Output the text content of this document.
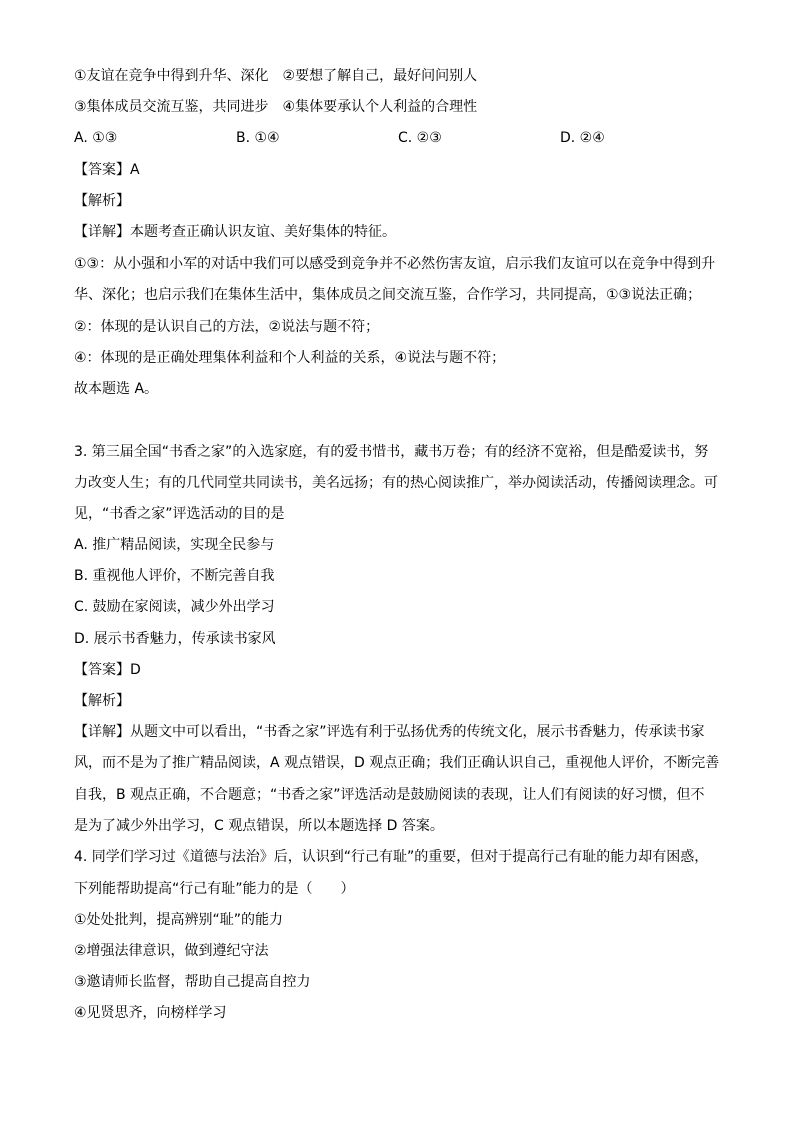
①友谊在竞争中得到升华、深化　②要想了解自己，最好问问别人
③集体成员交流互鉴，共同进步　④集体要承认个人利益的合理性
A. ①③	B. ①④	C. ②③	D. ②④
【答案】A
【解析】
【详解】本题考查正确认识友谊、美好集体的特征。
①③：从小强和小军的对话中我们可以感受到竞争并不必然伤害友谊，启示我们友谊可以在竞争中得到升
华、深化；也启示我们在集体生活中，集体成员之间交流互鉴，合作学习，共同提高，①③说法正确；
②：体现的是认识自己的方法，②说法与题不符；
④：体现的是正确处理集体利益和个人利益的关系，④说法与题不符；
故本题选 A。
3. 第三届全国“书香之家”的入选家庭，有的爱书惜书，藏书万卷；有的经济不宽裕，但是酷爱读书，努
力改变人生；有的几代同堂共同读书，美名远扬；有的热心阅读推广，举办阅读活动，传播阅读理念。可
见，“书香之家”评选活动的目的是
A. 推广精品阅读，实现全民参与
B. 重视他人评价，不断完善自我
C. 鼓励在家阅读，减少外出学习
D. 展示书香魅力，传承读书家风
【答案】D
【解析】
【详解】从题文中可以看出，“书香之家”评选有利于弘扬优秀的传统文化，展示书香魅力，传承读书家
风，而不是为了推广精品阅读，A 观点错误，D 观点正确；我们正确认识自己，重视他人评价，不断完善
自我，B 观点正确，不合题意；“书香之家”评选活动是鼓励阅读的表现，让人们有阅读的好习惯，但不
是为了减少外出学习，C 观点错误，所以本题选择 D 答案。
4. 同学们学习过《道德与法治》后，认识到“行己有耻”的重要，但对于提高行己有耻的能力却有困惑，
下列能帮助提高“行己有耻”能力的是（　　）
①处处批判，提高辨别“耻”的能力
②增强法律意识，做到遵纪守法
③邀请师长监督，帮助自己提高自控力
④见贤思齐，向榜样学习
